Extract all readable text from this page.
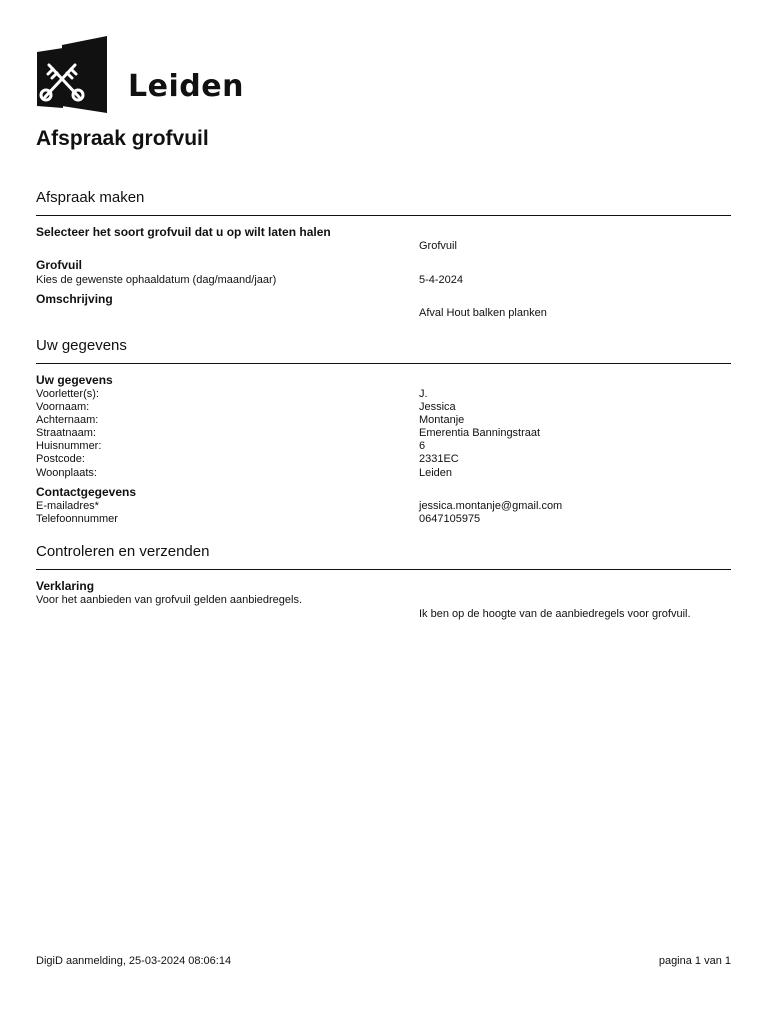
Leiden
Afspraak grofvuil
Afspraak maken
Selecteer het soort grofvuil dat u op wilt laten halen
Grofvuil
Grofvuil
Kies de gewenste ophaaldatum (dag/maand/jaar)	5-4-2024
Omschrijving
Afval Hout balken planken
Uw gegevens
Uw gegevens
Voorletter(s):	J.
Voornaam:	Jessica
Achternaam:	Montanje
Straatnaam:	Emerentia Banningstraat
Huisnummer:	6
Postcode:	2331EC
Woonplaats:	Leiden
Contactgegevens
E-mailadres*	jessica.montanje@gmail.com
Telefoonnummer	0647105975
Controleren en verzenden
Verklaring
Voor het aanbieden van grofvuil gelden aanbiedregels.
Ik ben op de hoogte van de aanbiedregels voor grofvuil.
DigiD aanmelding, 25-03-2024 08:06:14	pagina 1 van 1
